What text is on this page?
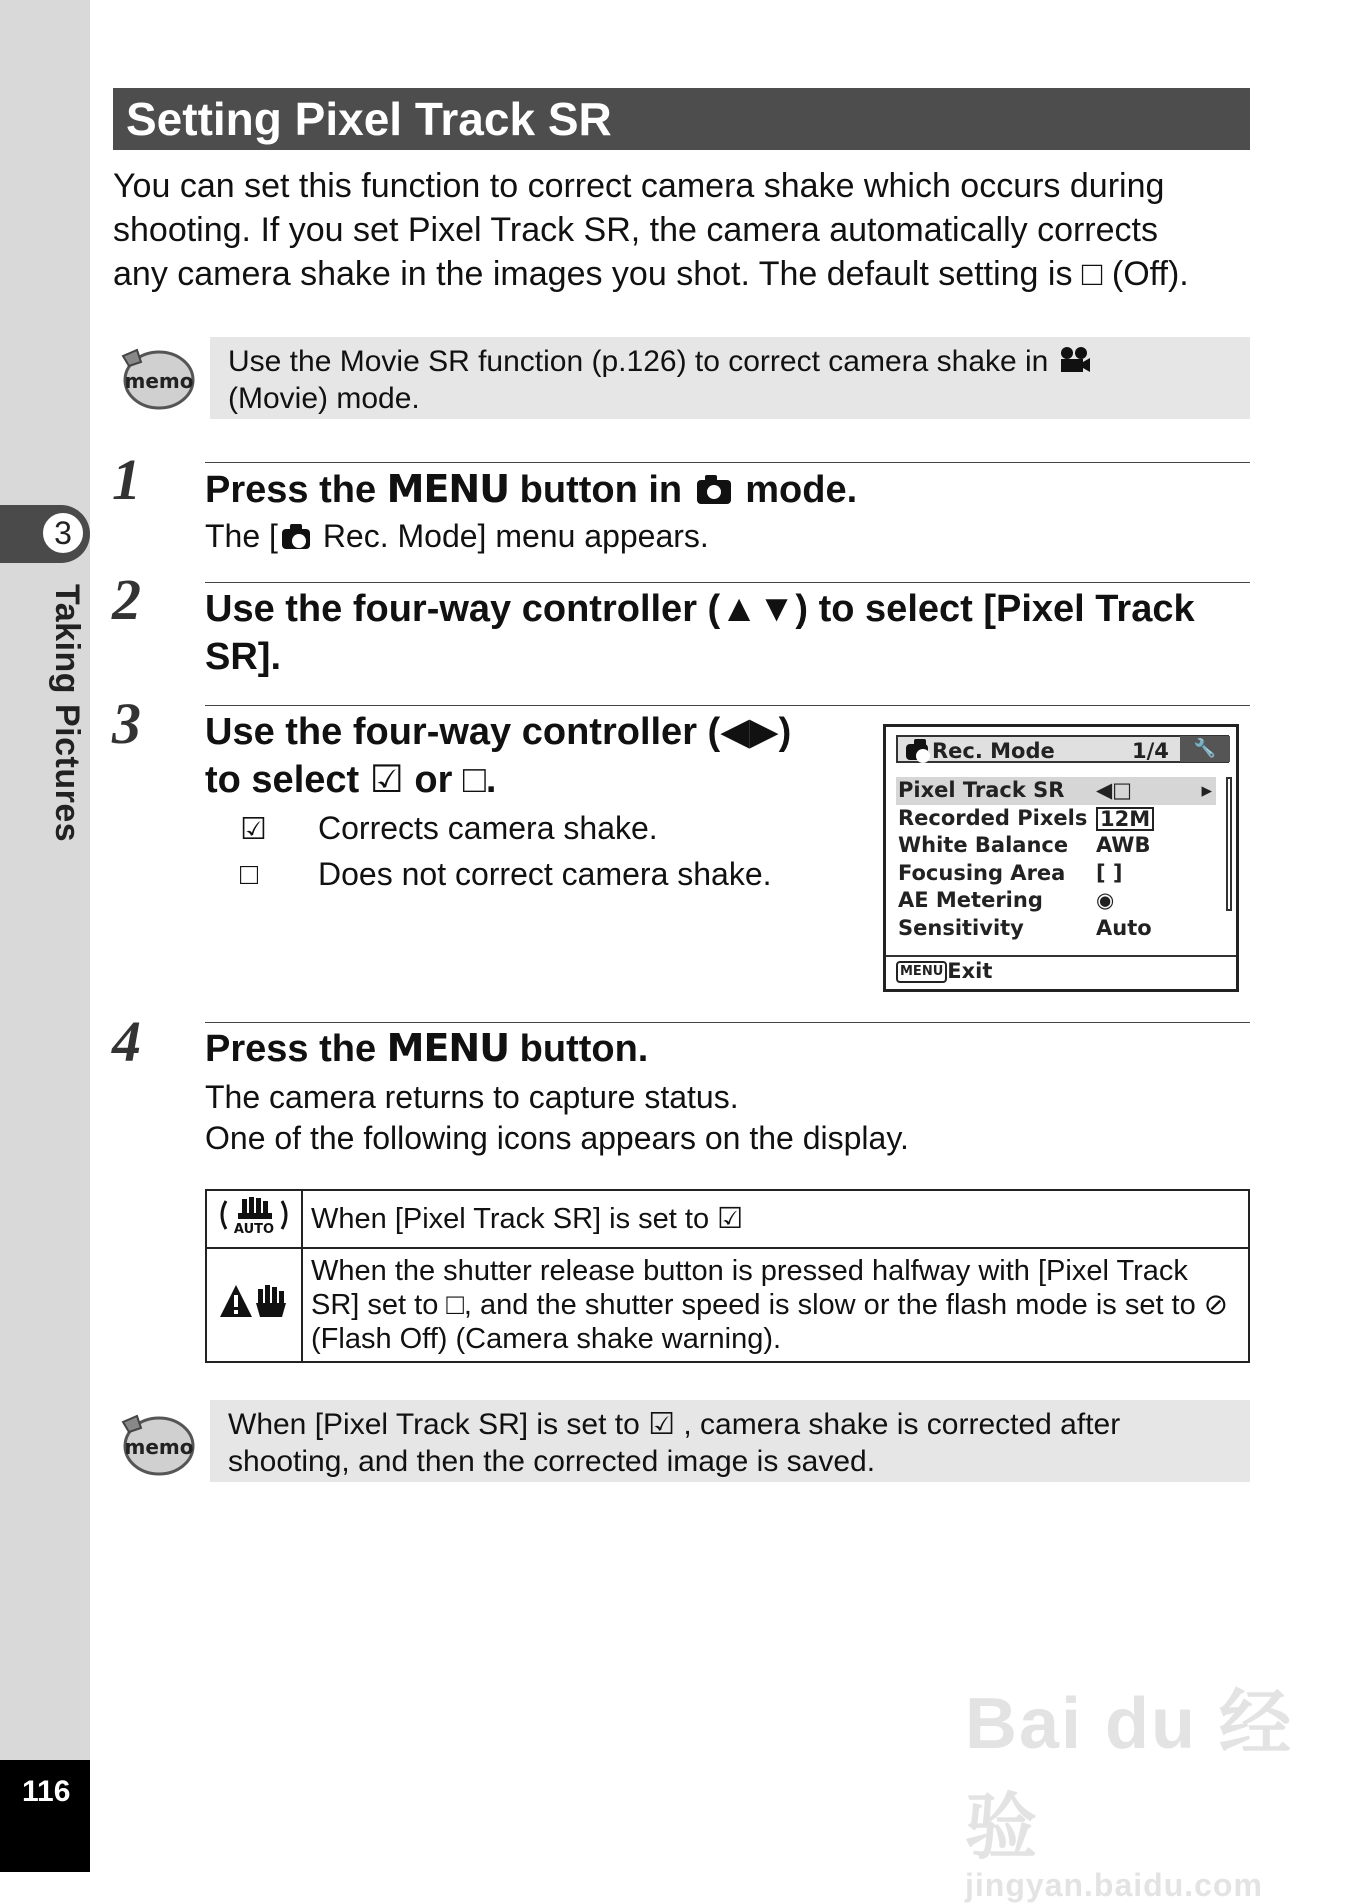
3
Taking Pictures
116
Setting Pixel Track SR

You can set this function to correct camera shake which occurs during

shooting. If you set Pixel Track SR, the camera automatically corrects

any camera shake in the images you shot. The default setting is □ (Off).

memo
Use the Movie SR function (p.126) to correct camera shake in
(Movie) mode.
1 Press the MENU button in  mode.
The [ Rec. Mode] menu appears.
2 Use the four-way controller (▲▼) to select [Pixel Track
SR].
3 Use the four-way controller (◀▶)
to select ☑ or □.
☑ Corrects camera shake.
□ Does not correct camera shake.
Rec. Mode	1/4	🔧
Pixel Track SR ◀□	▸
Recorded Pixels 12M
White Balance AWB
Focusing Area [ ]
AE Metering	◉
Sensitivity	Auto
MENU Exit
4 Press the MENU button.
The camera returns to capture status.
One of the following icons appears on the display.
AUTO	When [Pixel Track SR] is set to ☑
	When the shutter release button is pressed halfway with [Pixel Track SR] set to □, and the shutter speed is slow or the flash mode is set to ⊘ (Flash Off) (Camera shake warning).
memo
When [Pixel Track SR] is set to ☑ , camera shake is corrected after
shooting, and then the corrected image is saved.
Bai du 经验
jingyan.baidu.com
